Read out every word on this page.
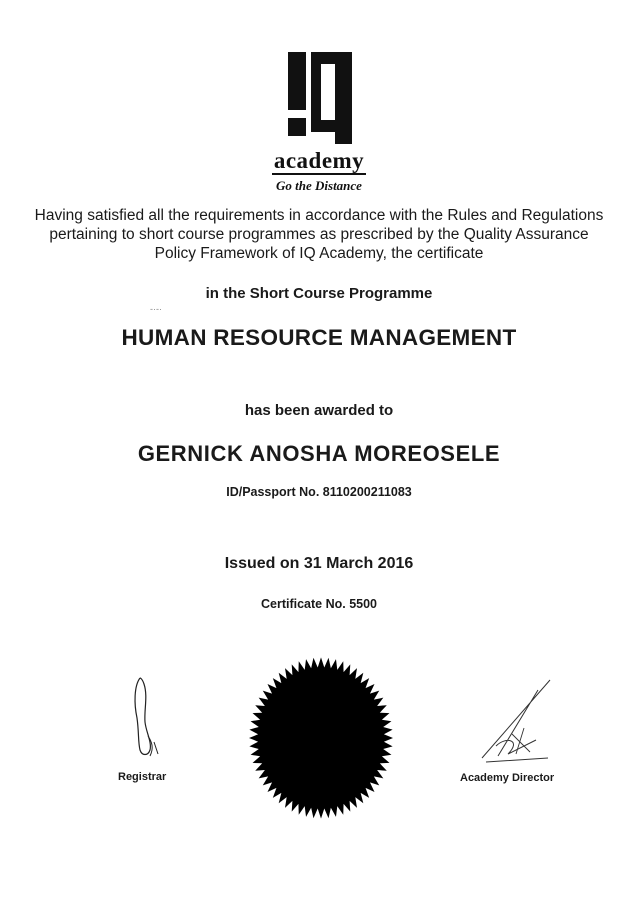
academy
Go the Distance
Having satisfied all the requirements in accordance with the Rules and Regulations pertaining to short course programmes as prescribed by the Quality Assurance Policy Framework of IQ Academy, the certificate
in the Short Course Programme
-·-·
HUMAN RESOURCE MANAGEMENT
has been awarded to
GERNICK ANOSHA MOREOSELE
ID/Passport No. 8110200211083
Issued on 31 March 2016
Certificate No. 5500
Registrar	Academy Director
